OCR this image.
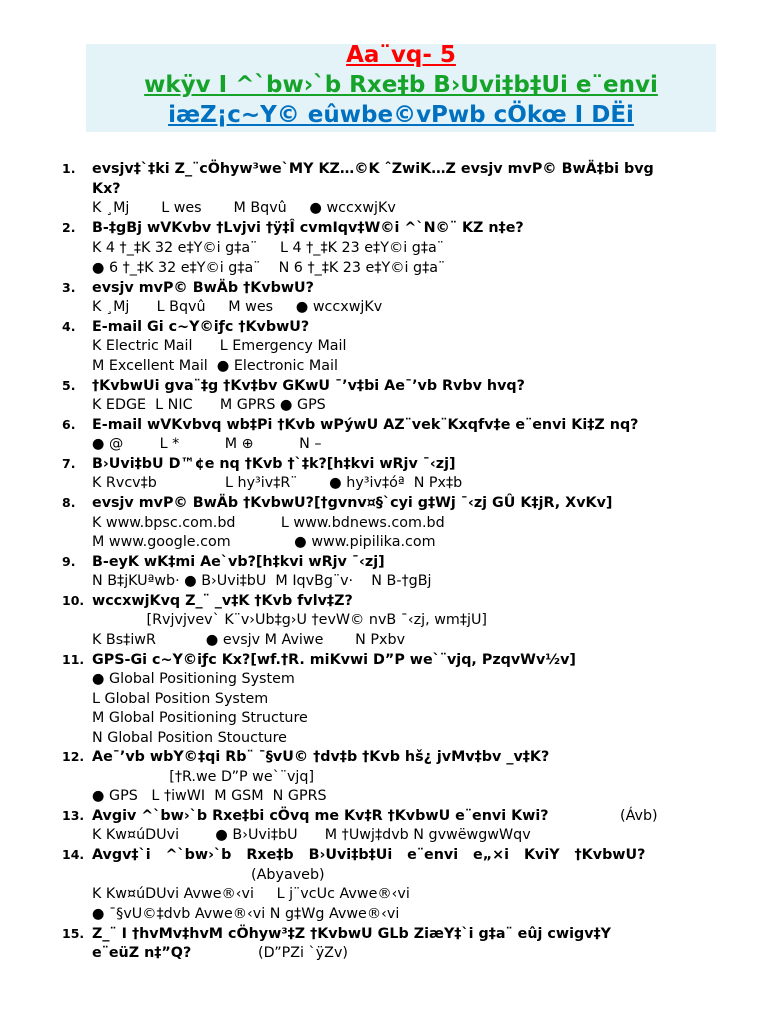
Aa¨vq- 5
wkÿv I ^`bw›`b Rxe‡b B›Uvi‡b‡Ui e¨envi
iæZ¡c~Y© eûwbe©vPwb cÖkœ I DËi
1. evsjv‡`‡ki Z_¨cÖhyw³we`MY KZ…©K ˆZwiK…Z evsjv mvP© BwÄ‡bi bvg
Kx?
K ¸Mj       L wes       M Bqvû     ● wccxwjKv
2. B-‡gBj wVKvbv †Lvjvi †ÿ‡Î cvmIqv‡W©i ^`N©¨ KZ n‡e?
K 4 †_‡K 32 e‡Y©i g‡a¨     L 4 †_‡K 23 e‡Y©i g‡a¨
● 6 †_‡K 32 e‡Y©i g‡a¨    N 6 †_‡K 23 e‡Y©i g‡a¨
3. evsjv mvP© BwÄb †KvbwU?
K ¸Mj      L Bqvû     M wes     ● wccxwjKv
4. E-mail Gi c~Y©iƒc †KvbwU?
K Electric Mail      L Emergency Mail
M Excellent Mail  ● Electronic Mail
5. †KvbwUi gva¨‡g †Kv‡bv GKwU ¯’v‡bi Ae¯’vb Rvbv hvq?
K EDGE  L NIC      M GPRS ● GPS
6. E-mail wVKvbvq wb‡Pi †Kvb wPýwU AZ¨vek¨Kxqfv‡e e¨envi Ki‡Z nq?
● @        L *          M ⊕          N –
7. B›Uvi‡bU D™¢e nq †Kvb †`‡k?[h‡kvi wRjv ¯‹zj]
K Rvcv‡b               L hy³iv‡R¨       ● hy³iv‡óª  N Px‡b
8. evsjv mvP© BwÄb †KvbwU?[†gvnv¤§`cyi g‡Wj ¯‹zj GÛ K‡jR, XvKv]
K www.bpsc.com.bd          L www.bdnews.com.bd
M www.google.com              ● www.pipilika.com
9. B-eyK wK‡mi Ae`vb?[h‡kvi wRjv ¯‹zj]
N B‡jKUªwb· ● B›Uvi‡bU  M IqvBg¨v·    N B-†gBj
10. wccxwjKvq Z_¨ _v‡K †Kvb fvlv‡Z?
[Rvjvjvev` K¨v›Ub‡g›U †evW© nvB ¯‹zj, wm‡jU]
K Bs‡iwR           ● evsjv M Aviwe       N Pxbv
11. GPS-Gi c~Y©iƒc Kx?[wf.†R. miKvwi D”P we`¨vjq, PzqvWv½v]
● Global Positioning System
L Global Position System
M Global Positioning Structure
N Global Position Stoucture
12. Ae¯’vb wbY©‡qi Rb¨ ¯§vU© †dv‡b †Kvb hš¿ jvMv‡bv _v‡K?
[†R.we D”P we`¨vjq]
● GPS   L †iwWI  M GSM  N GPRS
13. Avgiv ^`bw›`b Rxe‡bi cÖvq me Kv‡R †KvbwU e¨envi Kwi?	(Ávb)
K Kw¤úDUvi        ● B›Uvi‡bU      M †Uwj‡dvb N gvwëwgwWqv
14. Avgv‡`i   ^`bw›`b   Rxe‡b   B›Uvi‡b‡Ui   e¨envi   e„×i   KviY   †KvbwU?
(Abyaveb)
K Kw¤úDUvi Avwe®‹vi     L j¨vcUc Avwe®‹vi
● ¯§vU©‡dvb Avwe®‹vi N g‡Wg Avwe®‹vi
15. Z_¨ I †hvMv‡hvM cÖhyw³‡Z †KvbwU GLb ZiæY‡`i g‡a¨ eûj cwigv‡Y
e¨eüZ n‡”Q?	(D”PZi `ÿZv)
